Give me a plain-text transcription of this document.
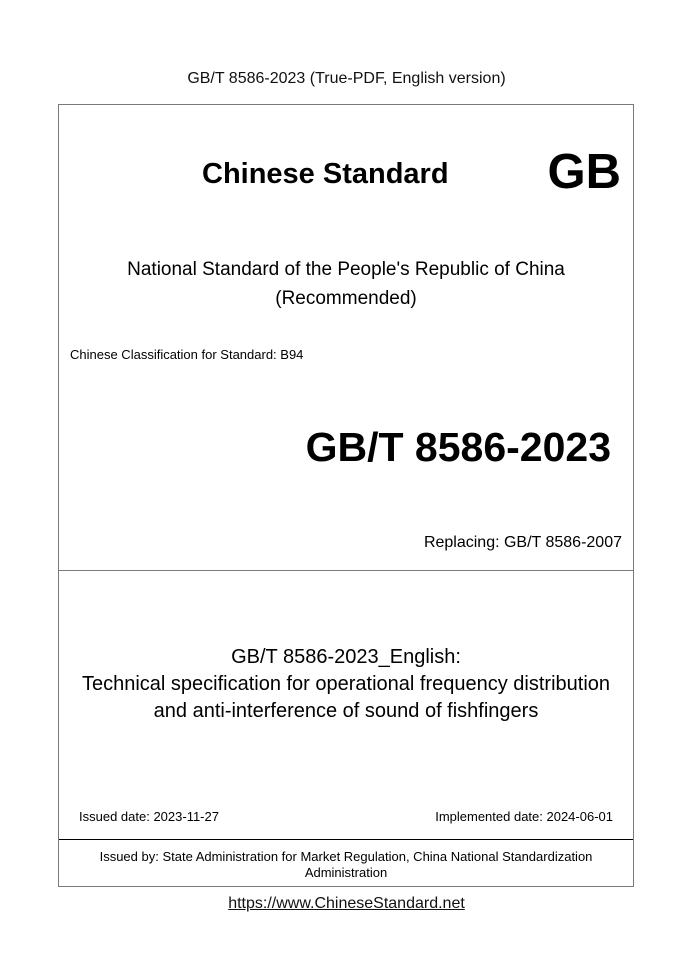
GB/T 8586-2023 (True-PDF, English version)
Chinese Standard GB
National Standard of the People's Republic of China
(Recommended)
Chinese Classification for Standard: B94
GB/T 8586-2023
Replacing: GB/T 8586-2007
GB/T 8586-2023_English:
Technical specification for operational frequency distribution
and anti-interference of sound of fishfingers
Issued date: 2023-11-27	Implemented date: 2024-06-01
Issued by: State Administration for Market Regulation, China National Standardization
Administration
https://www.ChineseStandard.net
